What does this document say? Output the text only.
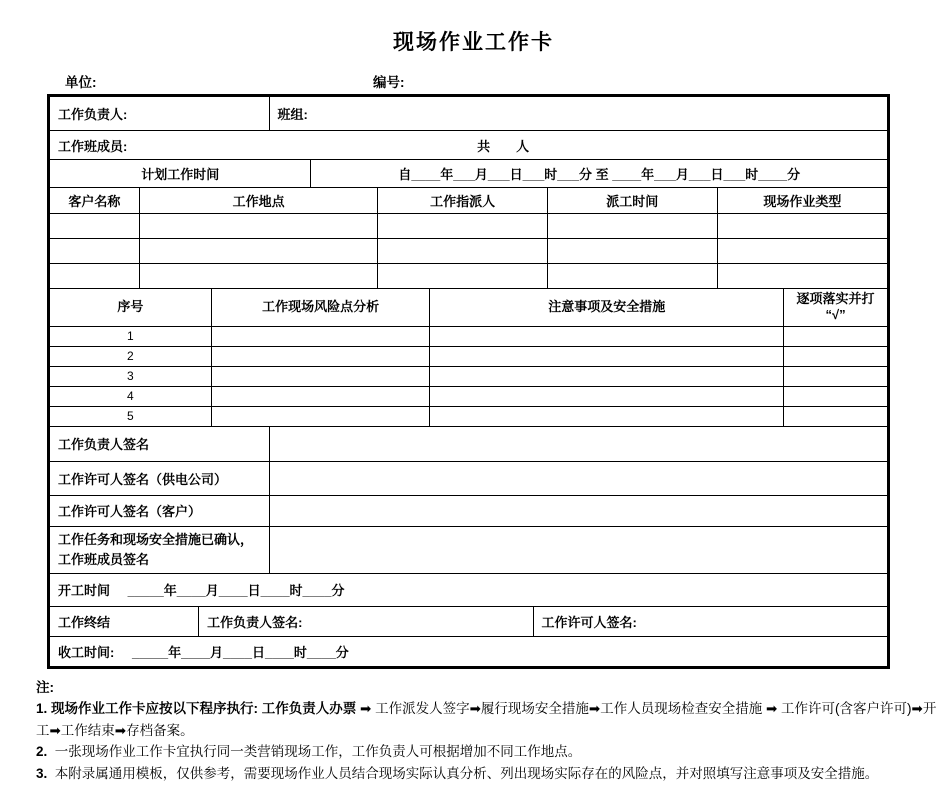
现场作业工作卡
单位:	编号:
工作负责人:	班组:
工作班成员:	共　　人
计划工作时间	自____年___月___日___时___分 至 ____年___月___日___时____分
客户名称	工作地点	工作指派人	派工时间	现场作业类型

序号	工作现场风险点分析	注意事项及安全措施	逐项落实并打
“√”

1			
2			
3			
4			
5			
工作负责人签名	
工作许可人签名（供电公司）	
工作许可人签名（客户）	
工作任务和现场安全措施已确认，工作班成员签名	
开工时间 _____年____月____日____时____分
工作终结	工作负责人签名:	工作许可人签名:
收工时间: _____年____月____日____时____分
注:

1. 现场作业工作卡应按以下程序执行: 工作负责人办票 ➡ 工作派发人签字➡履行现场安全措施➡工作人员现场检查安全措施 ➡ 工作许可(含客户许可)➡开工➡工作结束➡存档备案。

2. 一张现场作业工作卡宜执行同一类营销现场工作，工作负责人可根据增加不同工作地点。

3. 本附录属通用模板，仅供参考，需要现场作业人员结合现场实际认真分析、列出现场实际存在的风险点，并对照填写注意事项及安全措施。
